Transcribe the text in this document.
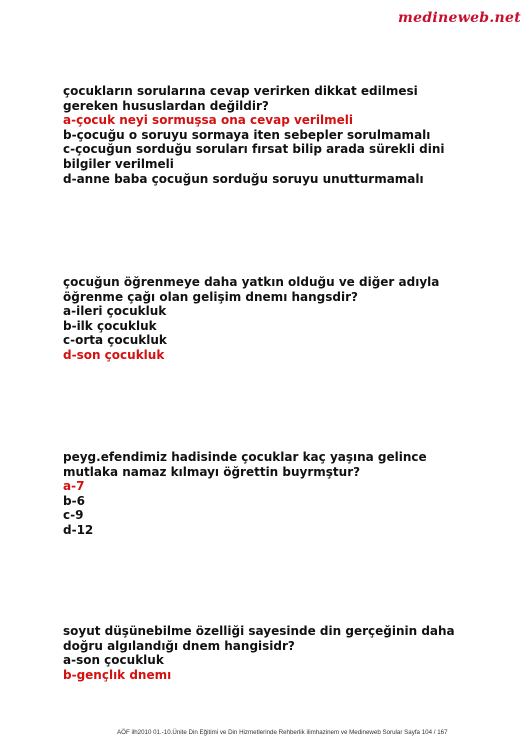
medineweb.net
çocukların sorularına cevap verirken dikkat edilmesi
gereken hususlardan değildir?
a-çocuk neyi sormuşsa ona cevap verilmeli
b-çocuğu o soruyu sormaya iten sebepler sorulmamalı
c-çocuğun sorduğu soruları fırsat bilip arada sürekli dini
bilgiler verilmeli
d-anne baba çocuğun sorduğu soruyu unutturmamalı
çocuğun öğrenmeye daha yatkın olduğu ve diğer adıyla
öğrenme çağı olan gelişim dnemı hangsdir?
a-ileri çocukluk
b-ilk çocukluk
c-orta çocukluk
d-son çocukluk
peyg.efendimiz hadisinde çocuklar kaç yaşına gelince
mutlaka namaz kılmayı öğrettin buyrmştur?
a-7
b-6
c-9
d-12
soyut düşünebilme özelliği sayesinde din gerçeğinin daha
doğru algılandığı dnem hangisidr?
a-son çocukluk
b-gençlık dnemı
AÖF ilh2010 01.-10.Ünite Din Eğitimi ve Din Hizmetlerinde Rehberlik ilimhazinem ve Medineweb Sorular Sayfa 104 / 167
